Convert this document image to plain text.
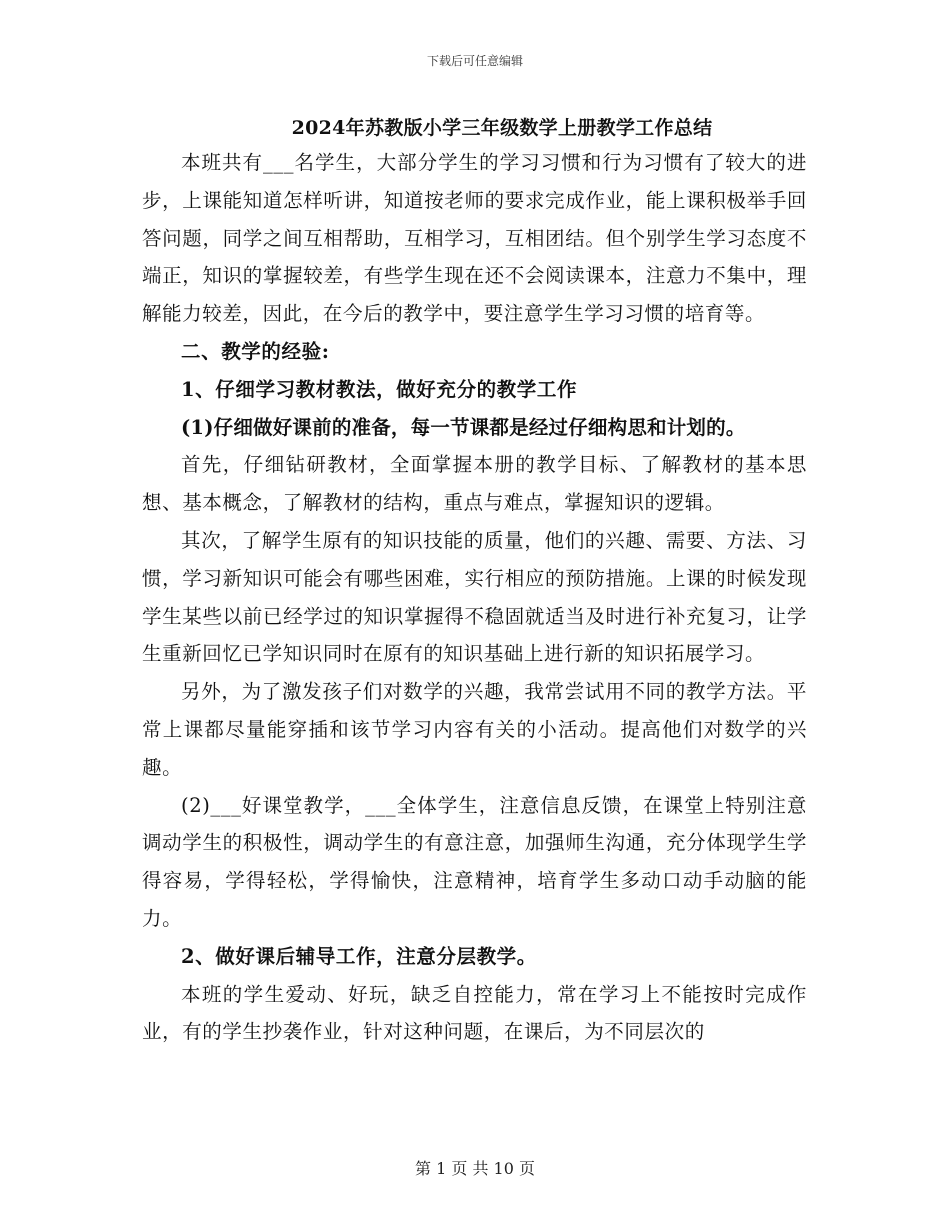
下载后可任意编辑
2024年苏教版小学三年级数学上册教学工作总结

本班共有___名学生，大部分学生的学习习惯和行为习惯有了较大的进步，上课能知道怎样听讲，知道按老师的要求完成作业，能上课积极举手回答问题，同学之间互相帮助，互相学习，互相团结。但个别学生学习态度不端正，知识的掌握较差，有些学生现在还不会阅读课本，注意力不集中，理解能力较差，因此，在今后的教学中，要注意学生学习习惯的培育等。

二、教学的经验:

1、仔细学习教材教法，做好充分的教学工作

(1)仔细做好课前的准备，每一节课都是经过仔细构思和计划的。

首先，仔细钻研教材，全面掌握本册的教学目标、了解教材的基本思想、基本概念，了解教材的结构，重点与难点，掌握知识的逻辑。

其次，了解学生原有的知识技能的质量，他们的兴趣、需要、方法、习惯，学习新知识可能会有哪些困难，实行相应的预防措施。上课的时候发现学生某些以前已经学过的知识掌握得不稳固就适当及时进行补充复习，让学生重新回忆已学知识同时在原有的知识基础上进行新的知识拓展学习。

另外，为了激发孩子们对数学的兴趣，我常尝试用不同的教学方法。平常上课都尽量能穿插和该节学习内容有关的小活动。提高他们对数学的兴趣。

(2)___好课堂教学，___全体学生，注意信息反馈，在课堂上特别注意调动学生的积极性，调动学生的有意注意，加强师生沟通，充分体现学生学得容易，学得轻松，学得愉快，注意精神，培育学生多动口动手动脑的能力。

2、做好课后辅导工作，注意分层教学。

本班的学生爱动、好玩，缺乏自控能力，常在学习上不能按时完成作业，有的学生抄袭作业，针对这种问题，在课后，为不同层次的

第 1 页 共 10 页
